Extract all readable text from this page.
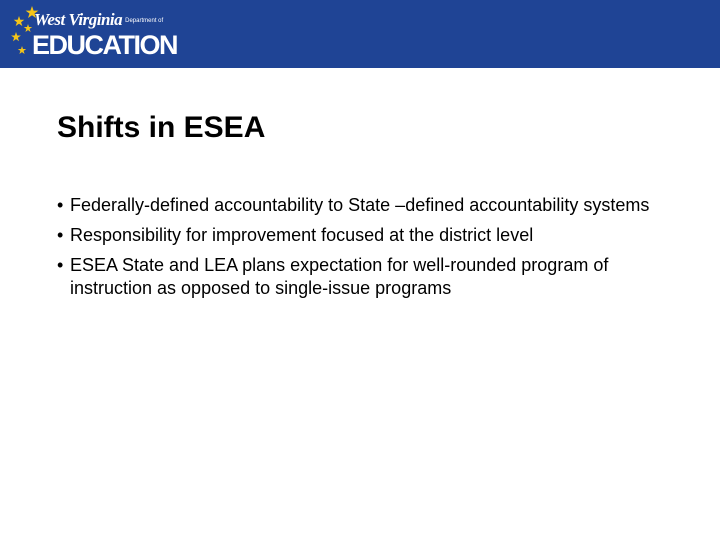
West Virginia Department of
EDUCATION
Shifts in ESEA
• Federally-defined accountability to State –defined accountability systems
• Responsibility for improvement focused at the district level
• ESEA State and LEA plans expectation for well-rounded program of instruction as opposed to single-issue programs
